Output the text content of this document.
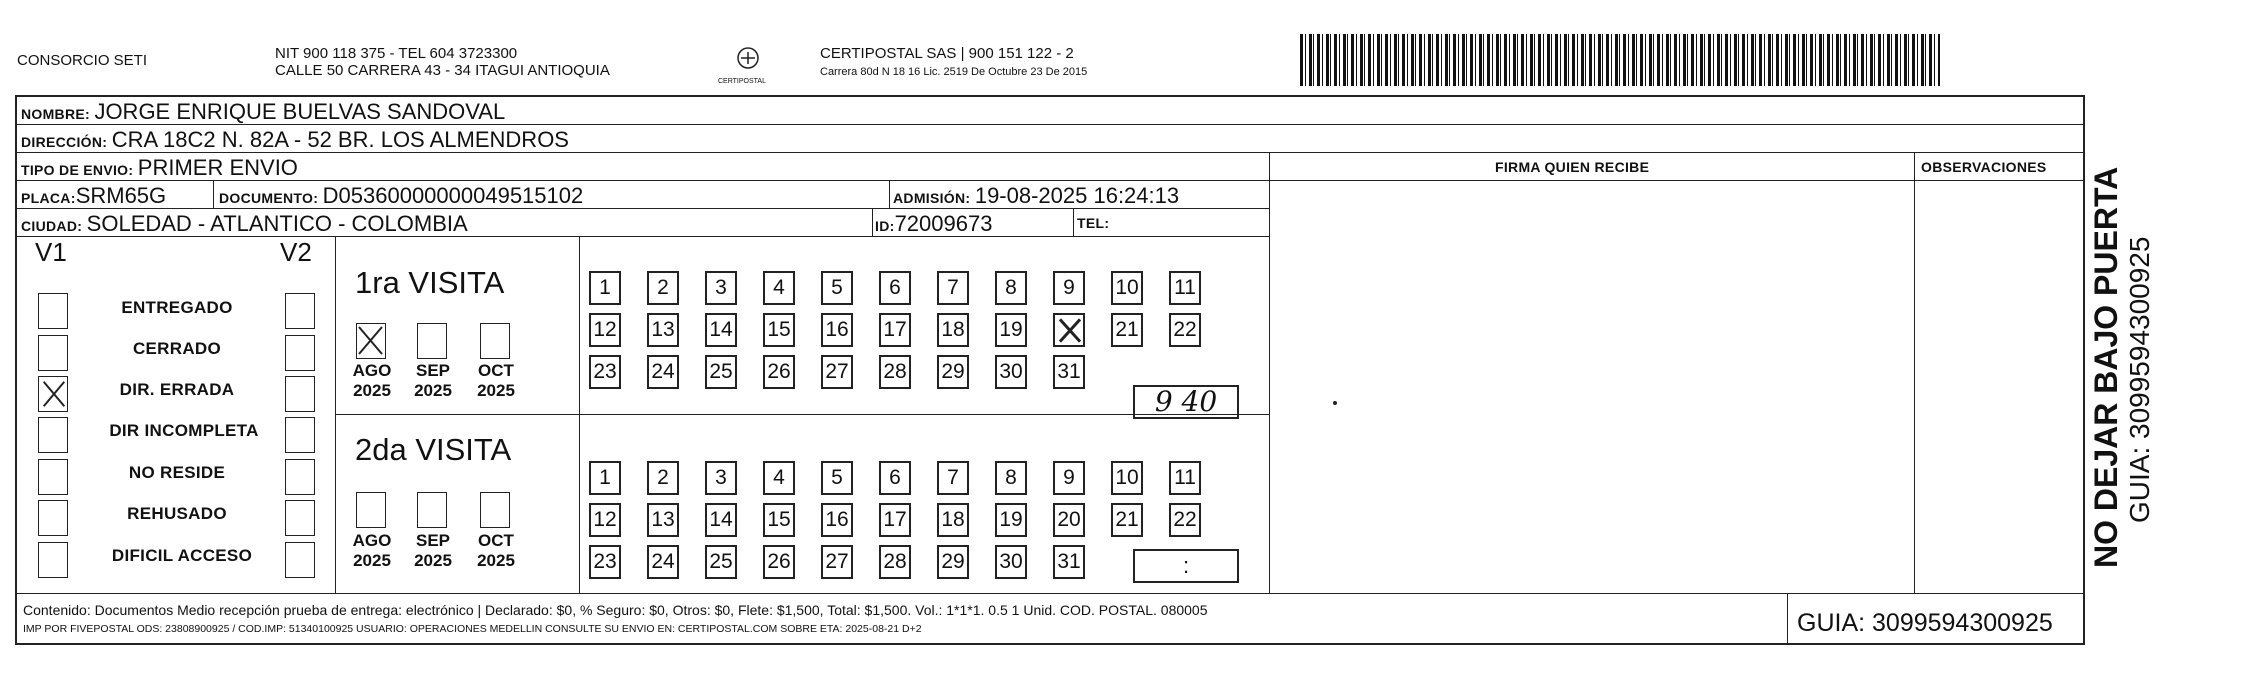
CONSORCIO SETI	NIT 900 118 375 - TEL 604 3723300
CALLE 50 CARRERA 43 - 34 ITAGUI ANTIOQUIA
CERTIPOSTAL
CERTIPOSTAL SAS | 900 151 122 - 2
Carrera 80d N 18 16 Lic. 2519 De Octubre 23 De 2015
NOMBRE: JORGE ENRIQUE BUELVAS SANDOVAL
DIRECCIÓN: CRA 18C2 N. 82A - 52 BR. LOS ALMENDROS
TIPO DE ENVIO: PRIMER ENVIO	FIRMA QUIEN RECIBE	OBSERVACIONES
PLACA:SRM65G	DOCUMENTO: D05360000000049515102	ADMISIÓN: 19-08-2025 16:24:13
CIUDAD: SOLEDAD - ATLANTICO - COLOMBIA	ID:72009673	TEL:
V1	V2
ENTREGADO
CERRADO
DIR. ERRADA
DIR INCOMPLETA
NO RESIDE
REHUSADO
DIFICIL ACCESO
1ra VISITA
AGO
2025
SEP
2025
OCT
2025
2da VISITA
AGO
2025
SEP
2025
OCT
2025
1	2	3	4	5	6	7	8	9	10 11
12 13 14 15 16 17 18 19	21 22
23 24 25 26 27 28 29 30 31
1	2	3	4	5	6	7	8	9	10 11
12 13 14 15 16 17 18 19 20 21 22
23 24 25 26 27 28 29 30 31
9 40
:
Contenido: Documentos Medio recepción prueba de entrega: electrónico | Declarado: $0, % Seguro: $0, Otros: $0, Flete: $1,500, Total: $1,500. Vol.: 1*1*1. 0.5 1 Unid. COD. POSTAL. 080005
IMP POR FIVEPOSTAL ODS: 23808900925 / COD.IMP: 51340100925 USUARIO: OPERACIONES MEDELLIN CONSULTE SU ENVIO EN: CERTIPOSTAL.COM SOBRE ETA: 2025-08-21 D+2	GUIA: 3099594300925
NO DEJAR BAJO PUERTA GUIA: 3099594300925
